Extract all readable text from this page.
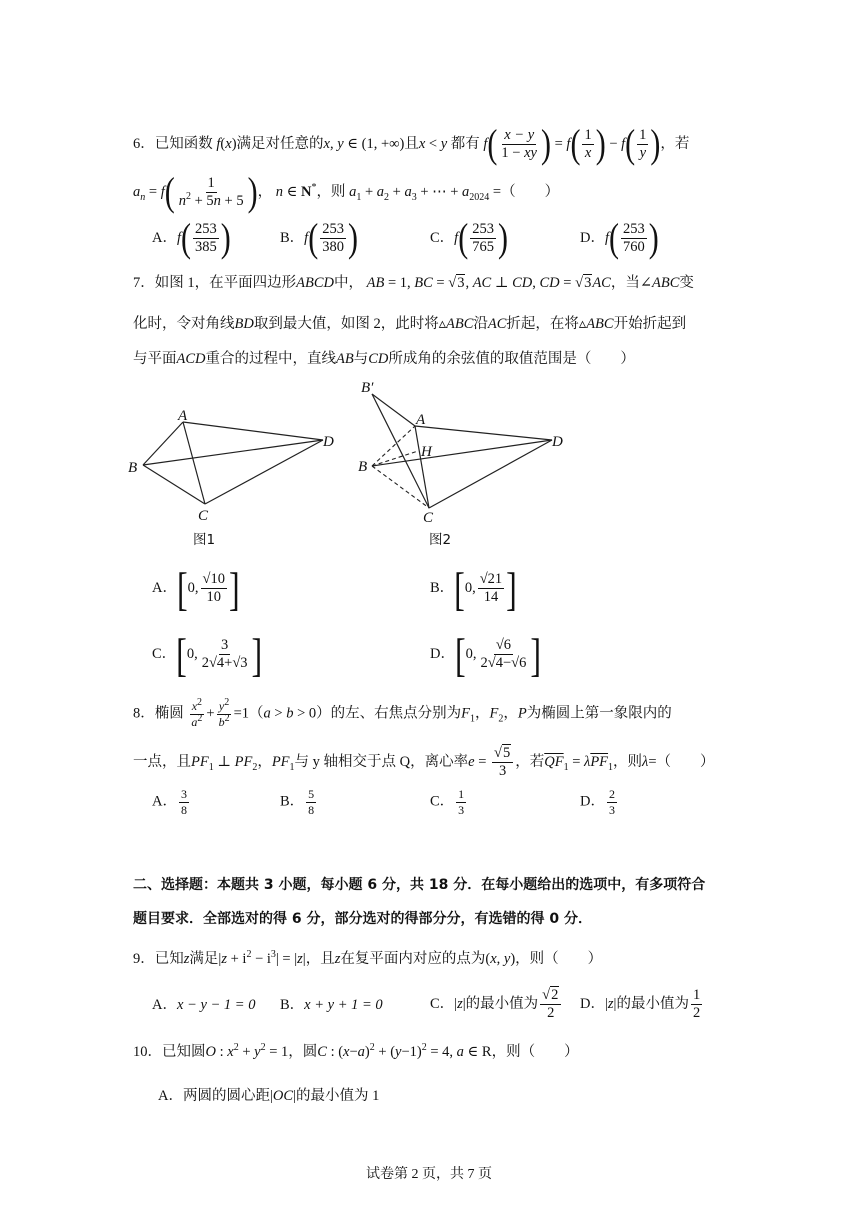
6．已知函数 f(x)满足对任意的x, y ∈ (1, +∞)且x < y 都有 $f( \frac{x - y}{1 - xy}$ ) = $f( \frac{1}{x}$ ) − $f( \frac{1}{y}$ )，若
$a_n = f( \frac{1}{n^2 + 5n + 5}$ )， n ∈ N*，则 $a_1 + a_2 + a_3$ + ⋯ + $a_{2024}$ =（　　）
A．$f( \frac{253}{385}$ )	B．$f( \frac{253}{380}$ )	C．$f( \frac{253}{765}$ )	D．$f( \frac{253}{760}$ )
7．如图 1，在平面四边形ABCD中， AB = 1, BC = √3, AC ⊥ CD, CD = √3AC，当∠ABC变
化时，令对角线BD取到最大值，如图 2，此时将▵ABC沿AC折起，在将▵ABC开始折起到
与平面ACD重合的过程中，直线AB与CD所成角的余弦值的取值范围是（　　）
A
B
C
D
图1
B′
A
H
B
C
D
图2
A．[0, $\frac{√10}{10}$ ]	B．[0, $\frac{√21}{14}$ ]
C．[0, $\frac{3}{2√4+√3}$ ]	D．[0, $\frac{√6}{2√4-√6}$ ]
8．椭圆 $\frac{x^2}{a^2} + \frac{y^2}{b^2} =1(a > b > 0)$的左、右焦点分别为$F_1$，$F_2$，P为椭圆上第一象限内的
一点，且$PF_1$ ⊥ $PF_2$，$PF_1$与 y 轴相交于点 Q，离心率$e = \frac{√5}{3}$ ，若$\overline{QF}_1 = \lambda\overline{PF}_1$，则λ=（　　）
A． $\frac{3}{8}$	B． $\frac{5}{8}$	C． $\frac{1}{3}$	D． $\frac{2}{3}$
二、选择题：本题共 3 小题，每小题 6 分，共 18 分．在每小题给出的选项中，有多项符合
题目要求．全部选对的得 6 分，部分选对的得部分分，有选错的得 0 分．
9．已知z满足$|z + i^2 - i^3| = |z|$，且z在复平面内对应的点为(x, y)，则（　　）
A．x − y − 1 = 0 B．x + y + 1 = 0	C．|z|的最小值为 $\frac{√2}{2}$ D．|z|的最小值为 $\frac{1}{2}$
10．已知圆O : $x^2 + y^2 = 1$，圆C : $(x-a)^2 + (y-1)^2 = 4$, a ∈ R，则（　　）
A．两圆的圆心距|OC|的最小值为 1
试卷第 2 页，共 7 页
